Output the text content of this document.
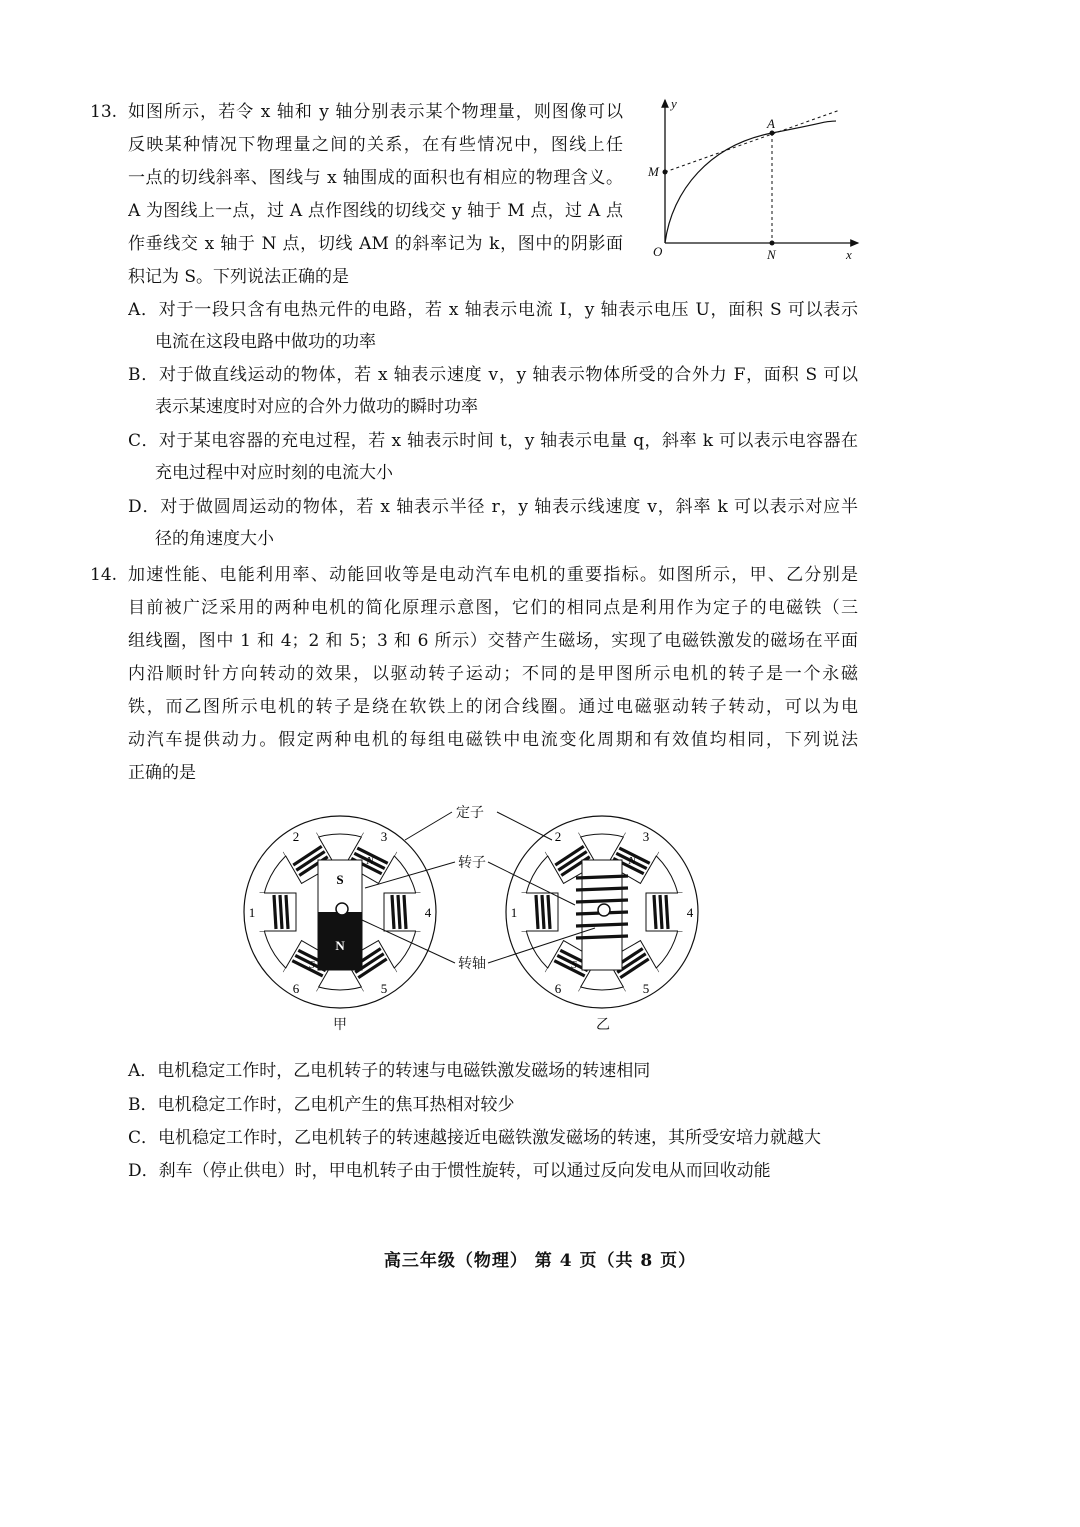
13. 如图所示，若令 x 轴和 y 轴分别表示某个物理量，则图像可以
反映某种情况下物理量之间的关系，在有些情况中，图线上任
一点的切线斜率、图线与 x 轴围成的面积也有相应的物理含义。
A 为图线上一点，过 A 点作图线的切线交 y 轴于 M 点，过 A 点
作垂线交 x 轴于 N 点，切线 AM 的斜率记为 k，图中的阴影面
积记为 S。下列说法正确的是
A．对于一段只含有电热元件的电路，若 x 轴表示电流 I，y 轴表示电压 U，面积 S 可以表示
电流在这段电路中做功的功率
B．对于做直线运动的物体，若 x 轴表示速度 v，y 轴表示物体所受的合外力 F，面积 S 可以
表示某速度时对应的合外力做功的瞬时功率
C．对于某电容器的充电过程，若 x 轴表示时间 t，y 轴表示电量 q，斜率 k 可以表示电容器在
充电过程中对应时刻的电流大小
D．对于做圆周运动的物体，若 x 轴表示半径 r，y 轴表示线速度 v，斜率 k 可以表示对应半
径的角速度大小
y
x
O
A
M
N
14. 加速性能、电能利用率、动能回收等是电动汽车电机的重要指标。如图所示，甲、乙分别是
目前被广泛采用的两种电机的简化原理示意图，它们的相同点是利用作为定子的电磁铁（三
组线圈，图中 1 和 4；2 和 5；3 和 6 所示）交替产生磁场，实现了电磁铁激发的磁场在平面
内沿顺时针方向转动的效果，以驱动转子运动；不同的是甲图所示电机的转子是一个永磁
铁，而乙图所示电机的转子是绕在软铁上的闭合线圈。通过电磁驱动转子转动，可以为电
动汽车提供动力。假定两种电机的每组电磁铁中电流变化周期和有效值均相同，下列说法
正确的是
1
2	3
4
5
6
N
S
S
N
1
2	3
4
5
6
N
S
定子
转子
转轴
甲	乙
A．电机稳定工作时，乙电机转子的转速与电磁铁激发磁场的转速相同
B．电机稳定工作时，乙电机产生的焦耳热相对较少
C．电机稳定工作时，乙电机转子的转速越接近电磁铁激发磁场的转速，其所受安培力就越大
D．刹车（停止供电）时，甲电机转子由于惯性旋转，可以通过反向发电从而回收动能
高三年级（物理） 第 4 页（共 8 页）
